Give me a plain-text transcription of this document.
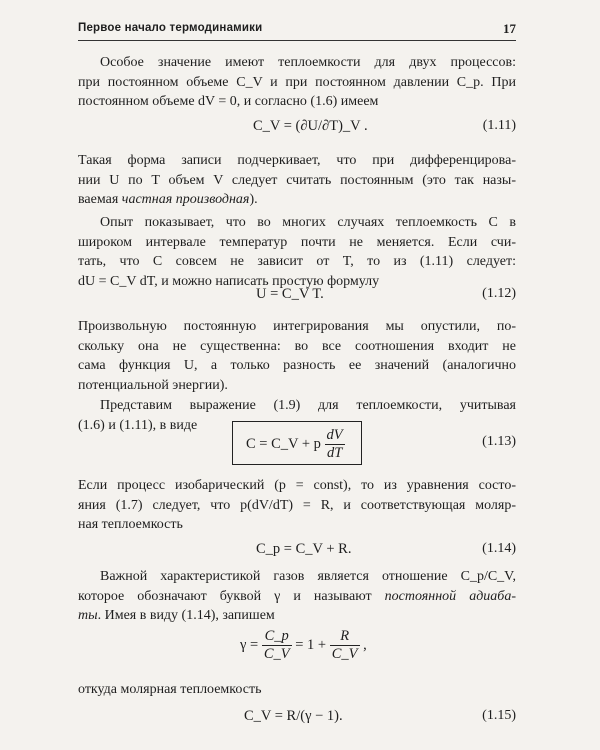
Первое начало термодинамики	17
Особое значение имеют теплоемкости для двух процессов:
при постоянном объеме C_V и при постоянном давлении C_p. При
постоянном объеме dV = 0, и согласно (1.6) имеем
C_V = (∂U/∂T)_V .	(1.11)
Такая форма записи подчеркивает, что при дифференцирова-
нии U по T объем V следует считать постоянным (это так назы-
ваемая частная производная).
Опыт показывает, что во многих случаях теплоемкость C в
широком интервале температур почти не меняется. Если счи-
тать, что C совсем не зависит от T, то из (1.11) следует:
dU = C_V dT, и можно написать простую формулу
U = C_V T.	(1.12)
Произвольную постоянную интегрирования мы опустили, по-
скольку она не существенна: во все соотношения входит не
сама функция U, а только разность ее значений (аналогично
потенциальной энергии).
Представим выражение (1.9) для теплоемкости, учитывая
(1.6) и (1.11), в виде
C = C_V + p $\frac{dV}{dT}$	(1.13)
Если процесс изобарический (p = const), то из уравнения состо-
яния (1.7) следует, что p(dV/dT) = R, и соответствующая моляр-
ная теплоемкость
C_p = C_V + R.	(1.14)
Важной характеристикой газов является отношение C_p/C_V,
которое обозначают буквой γ и называют постоянной адиаба-
ты. Имея в виду (1.14), запишем
$\gamma = \frac{C\_p}{C\_V} = 1 + \frac{R}{C\_V}$ ,
откуда молярная теплоемкость
C_V = R/(γ − 1).	(1.15)
